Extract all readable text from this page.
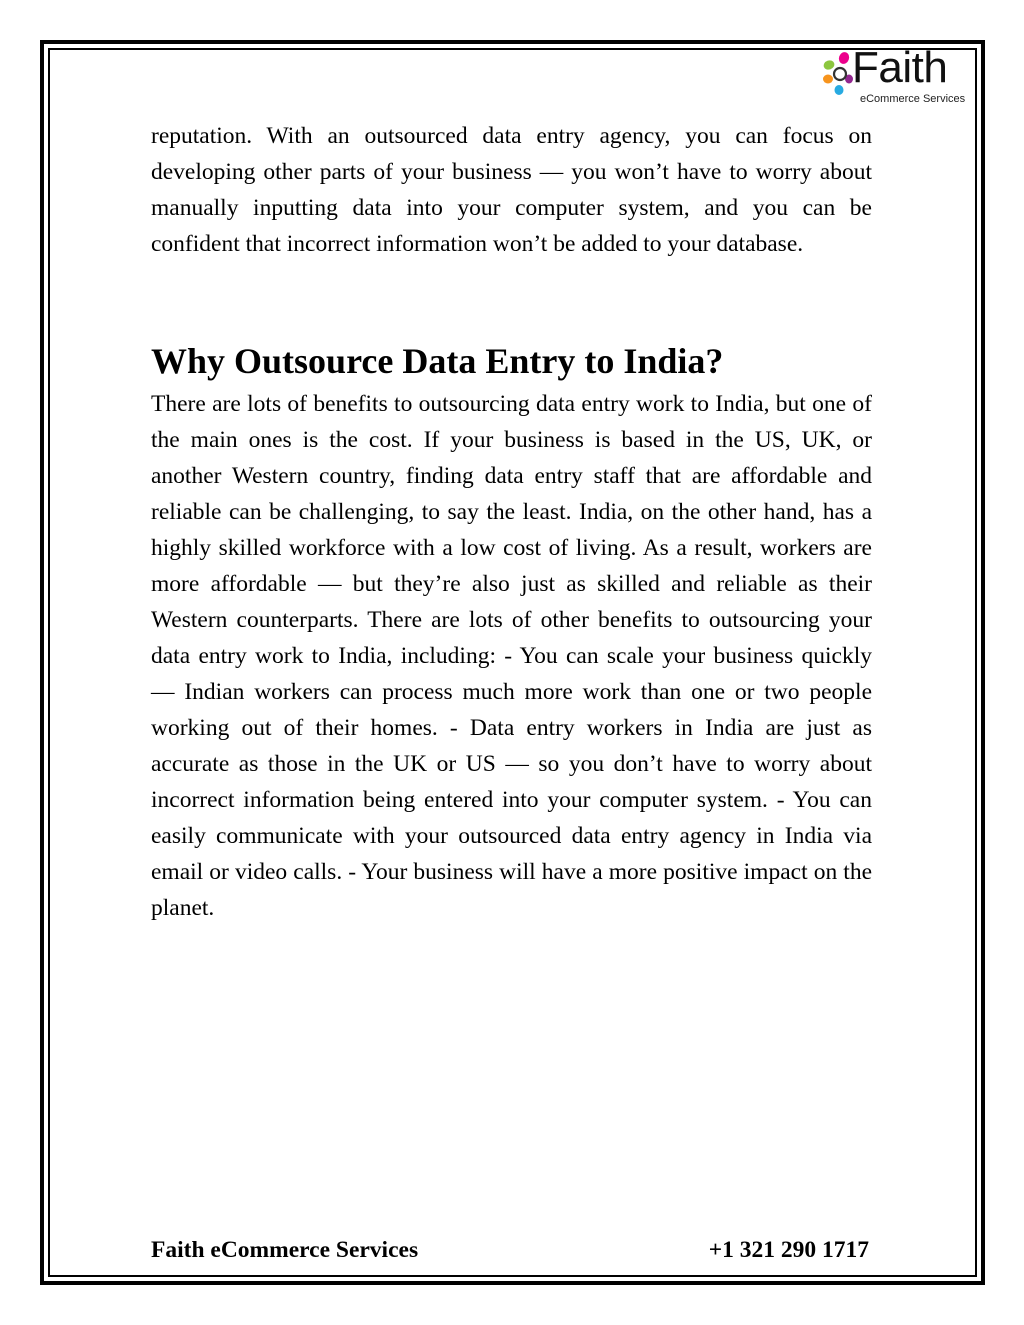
Faith
eCommerce Services

reputation. With an outsourced data entry agency, you can focus on developing other parts of your business — you won’t have to worry about manually inputting data into your computer system, and you can be confident that incorrect information won’t be added to your database.

Why Outsource Data Entry to India?

There are lots of benefits to outsourcing data entry work to India, but one of the main ones is the cost. If your business is based in the US, UK, or another Western country, finding data entry staff that are affordable and reliable can be challenging, to say the least. India, on the other hand, has a highly skilled workforce with a low cost of living. As a result, workers are more affordable — but they’re also just as skilled and reliable as their Western counterparts. There are lots of other benefits to outsourcing your data entry work to India, including: - You can scale your business quickly — Indian workers can process much more work than one or two people working out of their homes. - Data entry workers in India are just as accurate as those in the UK or US — so you don’t have to worry about incorrect information being entered into your computer system. - You can easily communicate with your outsourced data entry agency in India via email or video calls. - Your business will have a more positive impact on the planet.

Faith eCommerce Services	+1 321 290 1717
